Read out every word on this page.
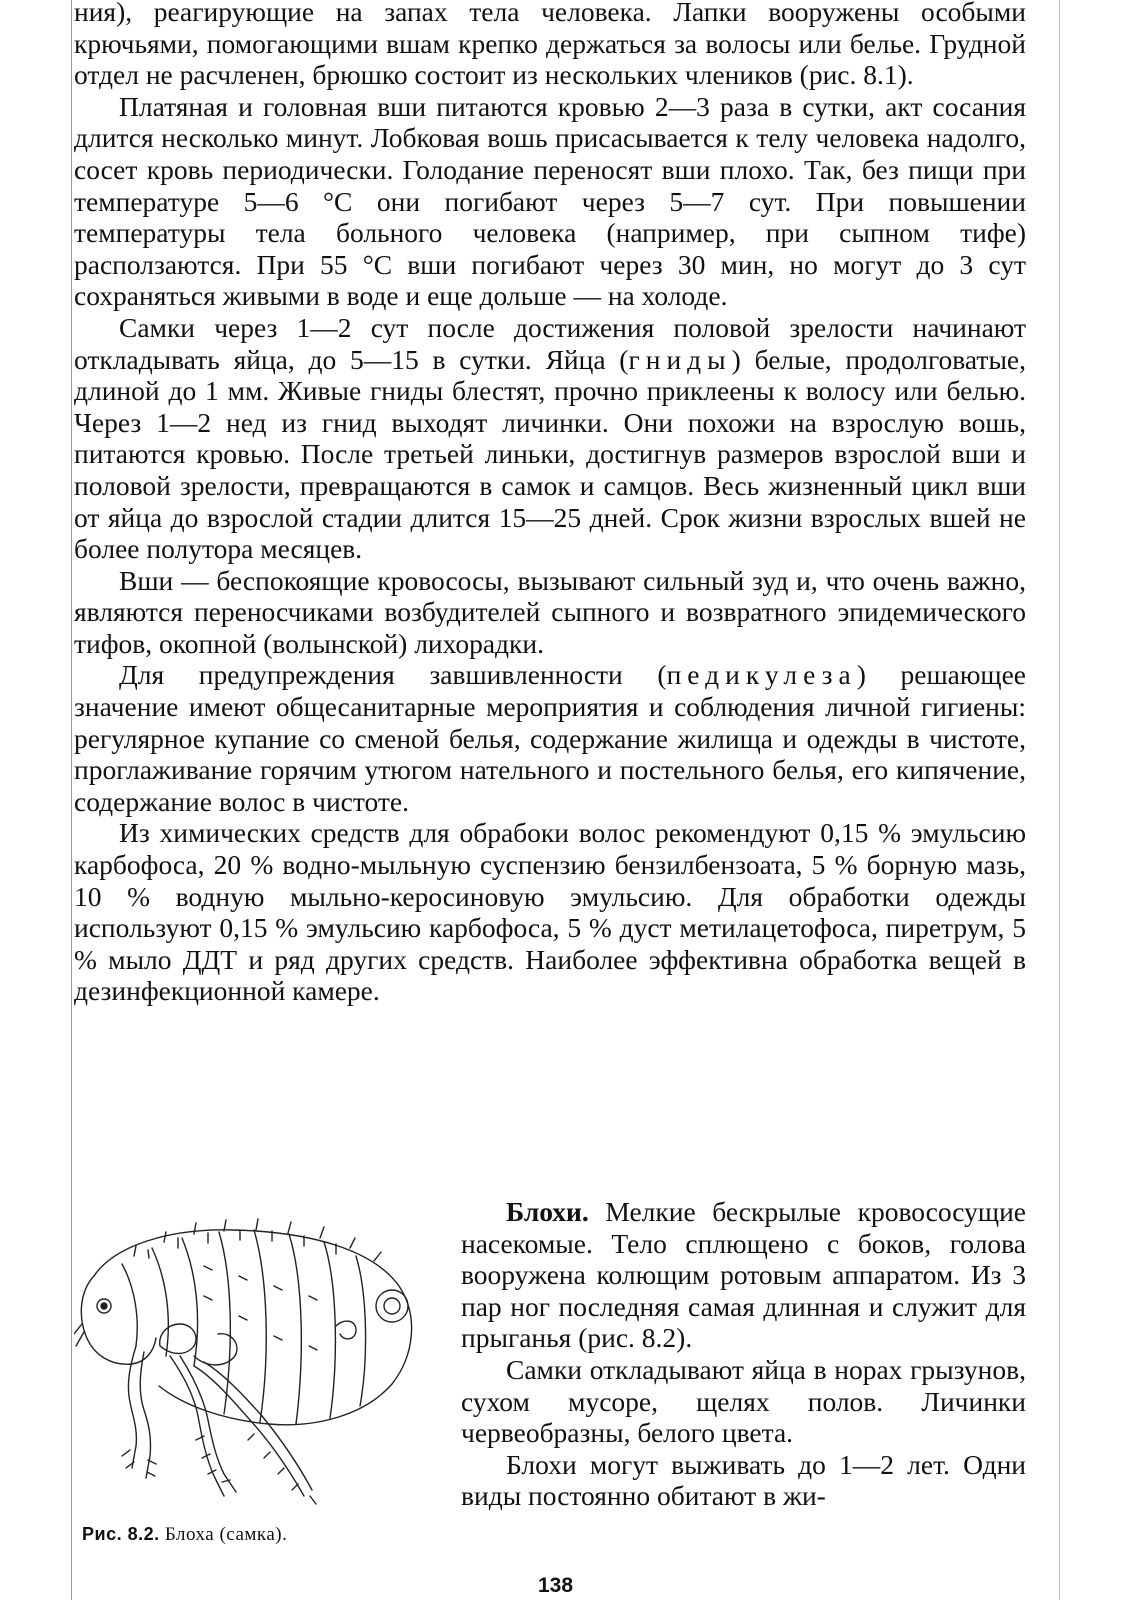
ния), реагирующие на запах тела человека. Лапки вооружены особыми крючьями, помогающими вшам крепко держаться за волосы или белье. Грудной отдел не расчленен, брюшко состоит из нескольких члеников (рис. 8.1).

Платяная и головная вши питаются кровью 2—3 раза в сутки, акт сосания длится несколько минут. Лобковая вошь присасывается к телу человека надолго, сосет кровь периодически. Голодание переносят вши плохо. Так, без пищи при температуре 5—6 °С они погибают через 5—7 сут. При повышении температуры тела больного человека (например, при сыпном тифе) расползаются. При 55 °С вши погибают через 30 мин, но могут до 3 сут сохраняться живыми в воде и еще дольше — на холоде.

Самки через 1—2 сут после достижения половой зрелости начинают откладывать яйца, до 5—15 в сутки. Яйца (гниды) белые, продолговатые, длиной до 1 мм. Живые гниды блестят, прочно приклеены к волосу или белью. Через 1—2 нед из гнид выходят личинки. Они похожи на взрослую вошь, питаются кровью. После третьей линьки, достигнув размеров взрослой вши и половой зрелости, превращаются в самок и самцов. Весь жизненный цикл вши от яйца до взрослой стадии длится 15—25 дней. Срок жизни взрослых вшей не более полутора месяцев.

Вши — беспокоящие кровососы, вызывают сильный зуд и, что очень важно, являются переносчиками возбудителей сыпного и возвратного эпидемического тифов, окопной (волынской) лихорадки.

Для предупреждения завшивленности (педикулеза) решающее значение имеют общесанитарные мероприятия и соблюдения личной гигиены: регулярное купание со сменой белья, содержание жилища и одежды в чистоте, проглаживание горячим утюгом нательного и постельного белья, его кипячение, содержание волос в чистоте.

Из химических средств для обрабоки волос рекомендуют 0,15 % эмульсию карбофоса, 20 % водно-мыльную суспензию бензилбензоата, 5 % борную мазь, 10 % водную мыльно-керосиновую эмульсию. Для обработки одежды используют 0,15 % эмульсию карбофоса, 5 % дуст метилацетофоса, пиретрум, 5 % мыло ДДТ и ряд других средств. Наиболее эффективна обработка вещей в дезинфекционной камере.

Рис. 8.2. Блоха (самка).

Блохи. Мелкие бескрылые кровососущие насекомые. Тело сплющено с боков, голова вооружена колющим ротовым аппаратом. Из 3 пар ног последняя самая длинная и служит для прыганья (рис. 8.2).

Самки откладывают яйца в норах грызунов, сухом мусоре, щелях полов. Личинки червеобразны, белого цвета.

Блохи могут выживать до 1—2 лет. Одни виды постоянно обитают в жи-

138
